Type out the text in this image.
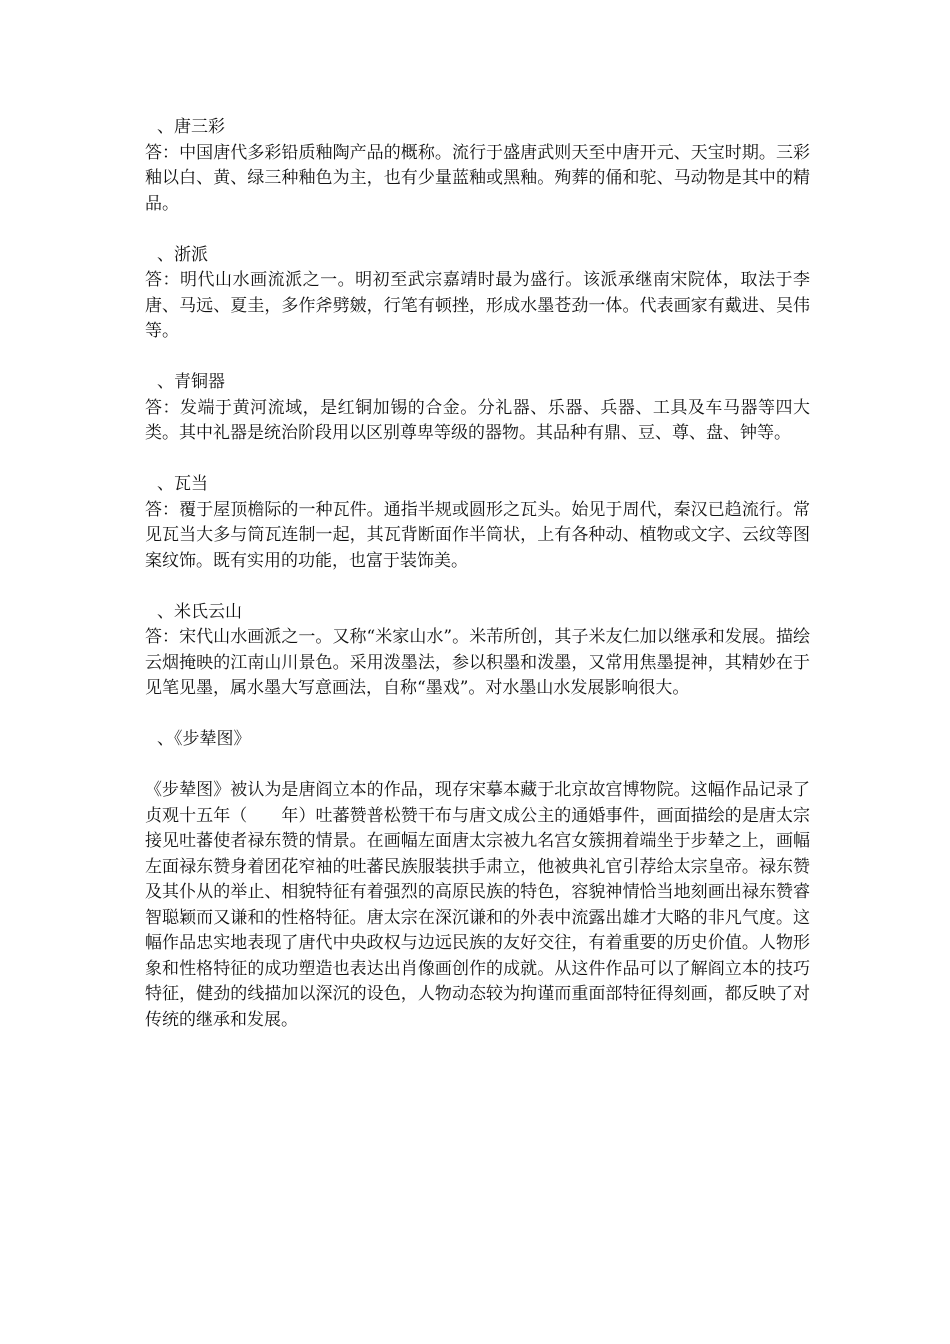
、唐三彩
答：中国唐代多彩铅质釉陶产品的概称。流行于盛唐武则天至中唐开元、天宝时期。三彩釉以白、黄、绿三种釉色为主，也有少量蓝釉或黑釉。殉葬的俑和驼、马动物是其中的精品。
、浙派
答：明代山水画流派之一。明初至武宗嘉靖时最为盛行。该派承继南宋院体，取法于李唐、马远、夏圭，多作斧劈皴，行笔有顿挫，形成水墨苍劲一体。代表画家有戴进、吴伟等。
、青铜器
答：发端于黄河流域，是红铜加锡的合金。分礼器、乐器、兵器、工具及车马器等四大类。其中礼器是统治阶段用以区别尊卑等级的器物。其品种有鼎、豆、尊、盘、钟等。
、瓦当
答：覆于屋顶檐际的一种瓦件。通指半规或圆形之瓦头。始见于周代，秦汉已趋流行。常见瓦当大多与筒瓦连制一起，其瓦背断面作半筒状，上有各种动、植物或文字、云纹等图案纹饰。既有实用的功能，也富于装饰美。
、米氏云山
答：宋代山水画派之一。又称“米家山水”。米芾所创，其子米友仁加以继承和发展。描绘云烟掩映的江南山川景色。采用泼墨法，参以积墨和泼墨，又常用焦墨提神，其精妙在于见笔见墨，属水墨大写意画法，自称“墨戏”。对水墨山水发展影响很大。
、《步辇图》
《步辇图》被认为是唐阎立本的作品，现存宋摹本藏于北京故宫博物院。这幅作品记录了贞观十五年（　　年）吐蕃赞普松赞干布与唐文成公主的通婚事件，画面描绘的是唐太宗接见吐蕃使者禄东赞的情景。在画幅左面唐太宗被九名宫女簇拥着端坐于步辇之上，画幅左面禄东赞身着团花窄袖的吐蕃民族服装拱手肃立，他被典礼官引荐给太宗皇帝。禄东赞及其仆从的举止、相貌特征有着强烈的高原民族的特色，容貌神情恰当地刻画出禄东赞睿智聪颖而又谦和的性格特征。唐太宗在深沉谦和的外表中流露出雄才大略的非凡气度。这幅作品忠实地表现了唐代中央政权与边远民族的友好交往，有着重要的历史价值。人物形象和性格特征的成功塑造也表达出肖像画创作的成就。从这件作品可以了解阎立本的技巧特征，健劲的线描加以深沉的设色，人物动态较为拘谨而重面部特征得刻画，都反映了对传统的继承和发展。
